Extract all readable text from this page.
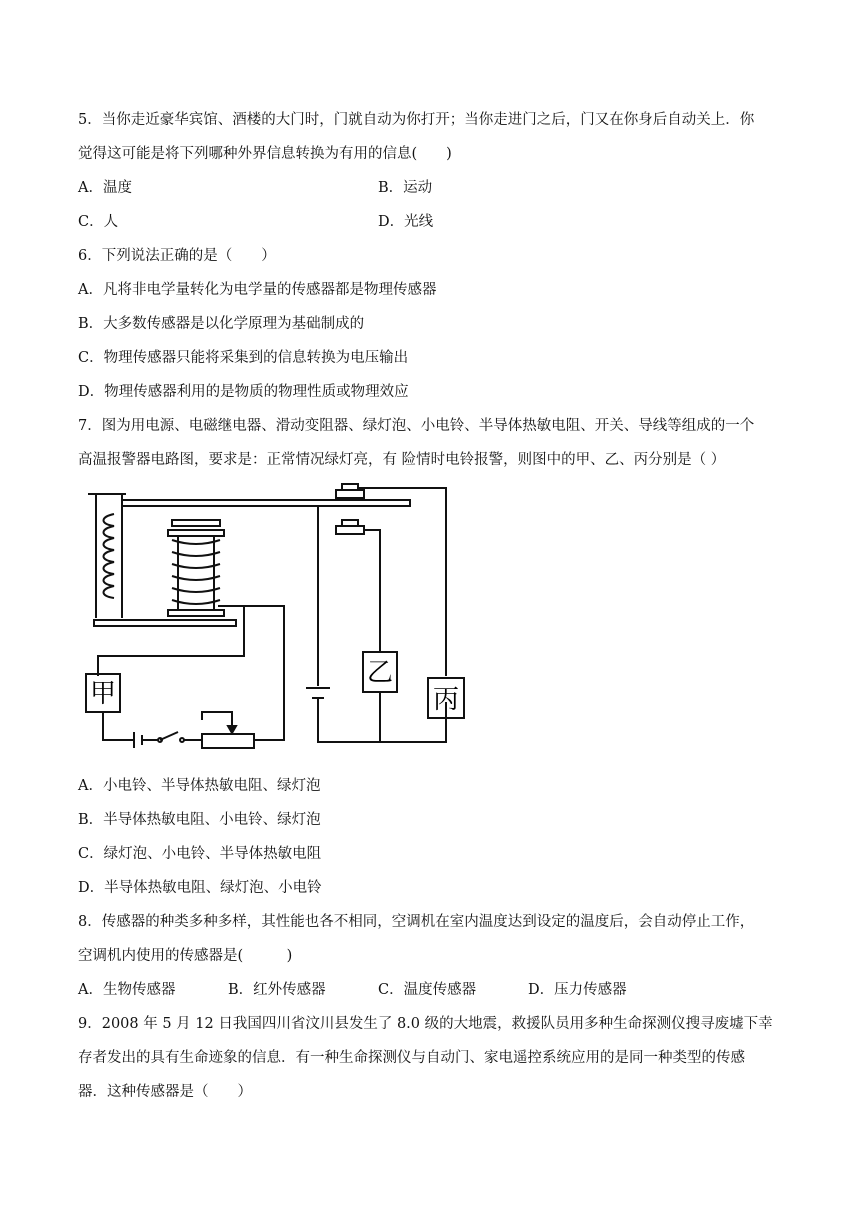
5．当你走近豪华宾馆、酒楼的大门时，门就自动为你打开；当你走进门之后，门又在你身后自动关上．你
觉得这可能是将下列哪种外界信息转换为有用的信息(　　)
A．温度	B．运动
C．人	D．光线
6．下列说法正确的是（　　）
A．凡将非电学量转化为电学量的传感器都是物理传感器
B．大多数传感器是以化学原理为基础制成的
C．物理传感器只能将采集到的信息转换为电压输出
D．物理传感器利用的是物质的物理性质或物理效应
7．图为用电源、电磁继电器、滑动变阻器、绿灯泡、小电铃、半导体热敏电阻、开关、导线等组成的一个
高温报警器电路图，要求是：正常情况绿灯亮，有 险情时电铃报警，则图中的甲、乙、丙分别是（ ）
甲
乙
丙
A．小电铃、半导体热敏电阻、绿灯泡
B．半导体热敏电阻、小电铃、绿灯泡
C．绿灯泡、小电铃、半导体热敏电阻
D．半导体热敏电阻、绿灯泡、小电铃
8．传感器的种类多种多样，其性能也各不相同，空调机在室内温度达到设定的温度后，会自动停止工作，
空调机内使用的传感器是(　　　)
A．生物传感器	B．红外传感器	C．温度传感器	D．压力传感器
9．2008 年 5 月 12 日我国四川省汶川县发生了 8.0 级的大地震，救援队员用多种生命探测仪搜寻废墟下幸
存者发出的具有生命迹象的信息．有一种生命探测仪与自动门、家电遥控系统应用的是同一种类型的传感
器．这种传感器是（　　）
